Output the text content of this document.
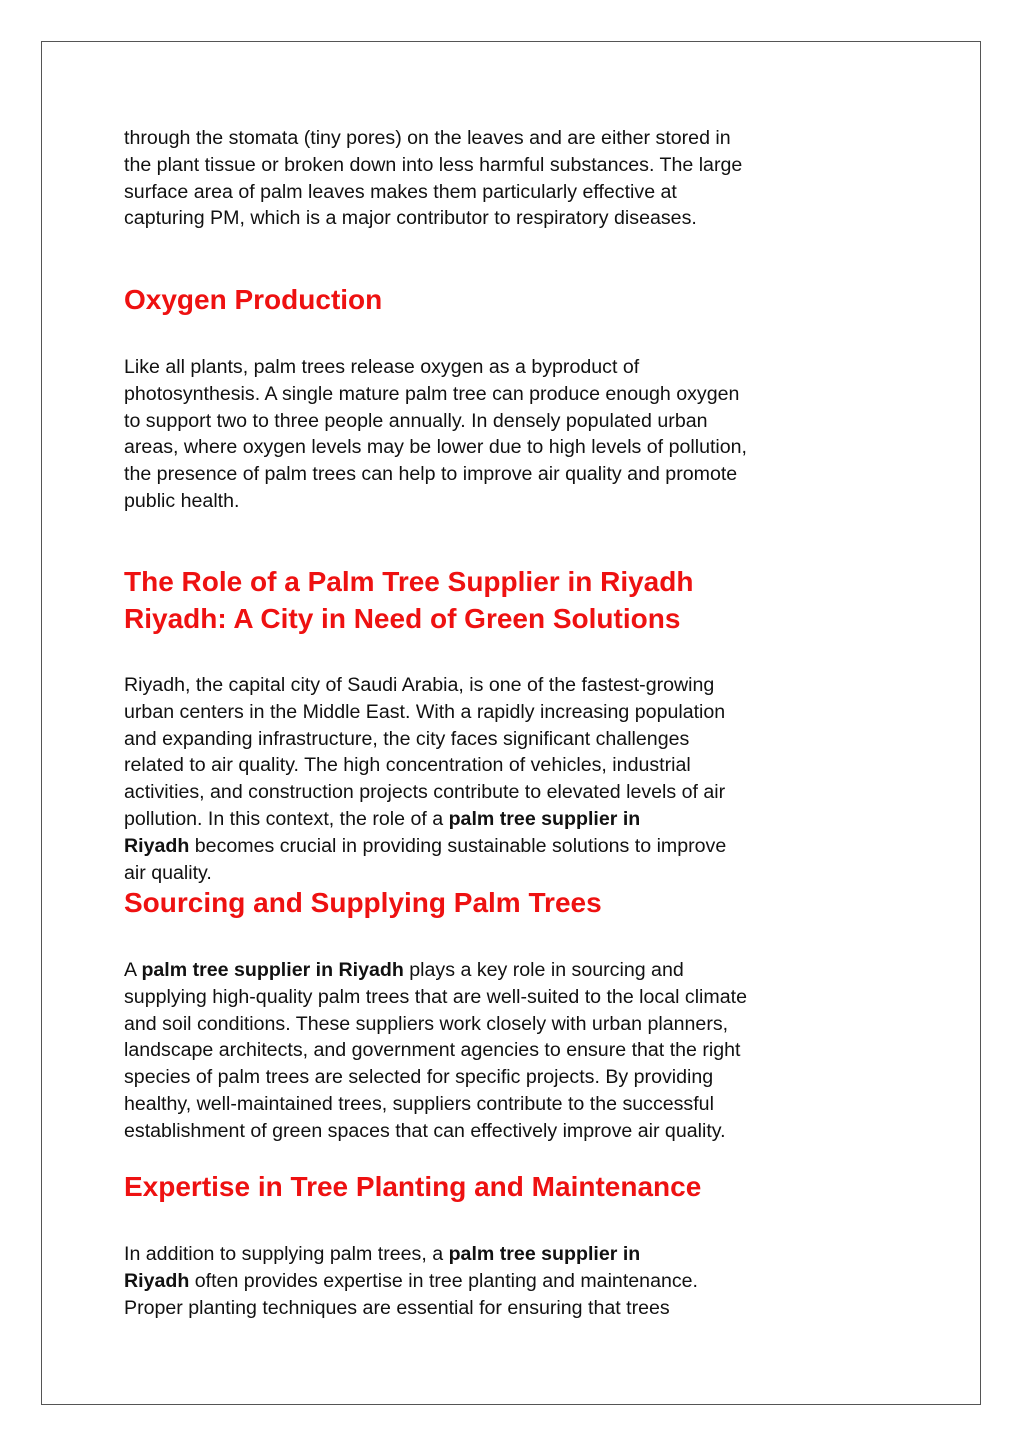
through the stomata (tiny pores) on the leaves and are either stored in
the plant tissue or broken down into less harmful substances. The large
surface area of palm leaves makes them particularly effective at
capturing PM, which is a major contributor to respiratory diseases.

Oxygen Production

Like all plants, palm trees release oxygen as a byproduct of
photosynthesis. A single mature palm tree can produce enough oxygen
to support two to three people annually. In densely populated urban
areas, where oxygen levels may be lower due to high levels of pollution,
the presence of palm trees can help to improve air quality and promote
public health.

The Role of a Palm Tree Supplier in Riyadh
Riyadh: A City in Need of Green Solutions

Riyadh, the capital city of Saudi Arabia, is one of the fastest-growing
urban centers in the Middle East. With a rapidly increasing population
and expanding infrastructure, the city faces significant challenges
related to air quality. The high concentration of vehicles, industrial
activities, and construction projects contribute to elevated levels of air
pollution. In this context, the role of a palm tree supplier in
Riyadh becomes crucial in providing sustainable solutions to improve
air quality.

Sourcing and Supplying Palm Trees

A palm tree supplier in Riyadh plays a key role in sourcing and
supplying high-quality palm trees that are well-suited to the local climate
and soil conditions. These suppliers work closely with urban planners,
landscape architects, and government agencies to ensure that the right
species of palm trees are selected for specific projects. By providing
healthy, well-maintained trees, suppliers contribute to the successful
establishment of green spaces that can effectively improve air quality.

Expertise in Tree Planting and Maintenance

In addition to supplying palm trees, a palm tree supplier in
Riyadh often provides expertise in tree planting and maintenance.
Proper planting techniques are essential for ensuring that trees
